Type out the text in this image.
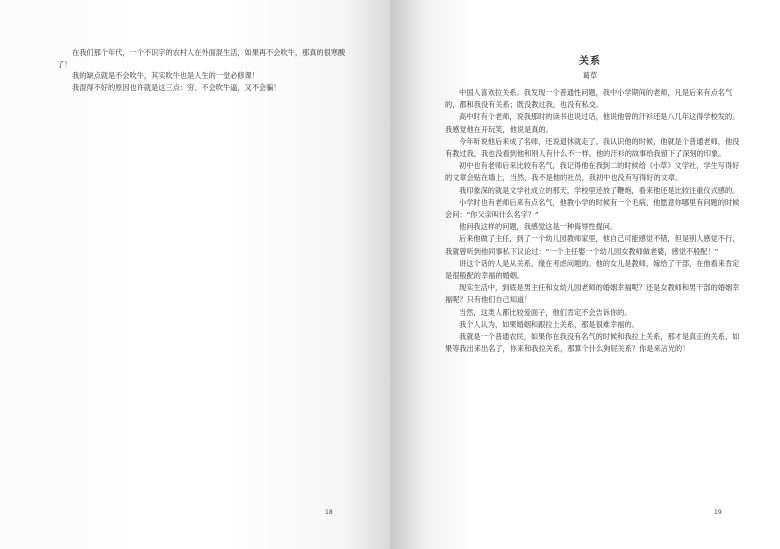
在我们那个年代，一个不识字的农村人在外面混生活，如果再不会吹牛，那真的很寒酸了！

我的缺点就是不会吹牛，其实吹牛也是人生的一堂必修课！

我混得不好的原因也许就是这三点：穷、不会吹牛逼，又不会骗！

18
关系
葛草

中国人喜欢拉关系。我发现一个普通性问题，我中小学期间的老师，凡是后来有点名气的，都和我没有关系；既没教过我，也没有私交。

高中时有个老师，说我那时的读书也说过话，他说他曾的汗衫还是八几年这得学校发的。我感觉他在开玩笑，他说是真的。

今年听说他后来成了名师，还说退休就走了。我认识他的时候，他就是个普通老师，他没有教过我，我也没看到他和别人有什么不一样。他的汗衫的故事给我留下了深刻的印象。

初中也有老师后来比较有名气，我记得他在我到二的时候给《小草》文学社，学生写得好的文章会贴在墙上，当然，我不是他的社员，我初中也没有写得好的文章。

我印象深的就是文学社成立的那天，学校里还放了鞭炮，看来他还是比较注重仪式感的。

小学时也有老师后来有点名气，他教小学的时候有一个毛病，他愿意你哪里有问题的时候会问：“你父亲叫什么名字？”

他问我这样的问题，我感觉这是一种侮辱性提问。

后来他做了主任，到了一个幼儿园教师家里，他自己可能感觉不错，但是别人感觉不行，我就曾听到他同事私下议论过：“一个主任娶一个幼儿园女教师做老婆，感觉不般配！”

讲这个话的人是从关系，缘在考虑问题的。他的女儿是教师，嫁给了干部，在他看来肯定是很般配的幸福的婚姻。

现实生活中，到底是男主任和女幼儿园老师的婚姻幸福呢？还是女教师和男干部的婚姻幸福呢？只有他们自己知道！

当然，这类人都比较爱面子，他们肯定不会告诉你的。

我个人认为，如果婚姻和跟拉上关系，那是很难幸福的。

我就是一个普通农民，如果你在我没有名气的时候和我拉上关系，那才是真正的关系，如果等我出来出名了，你来和我拉关系，那算个什么狗屁关系？你是来沾光的！

19
